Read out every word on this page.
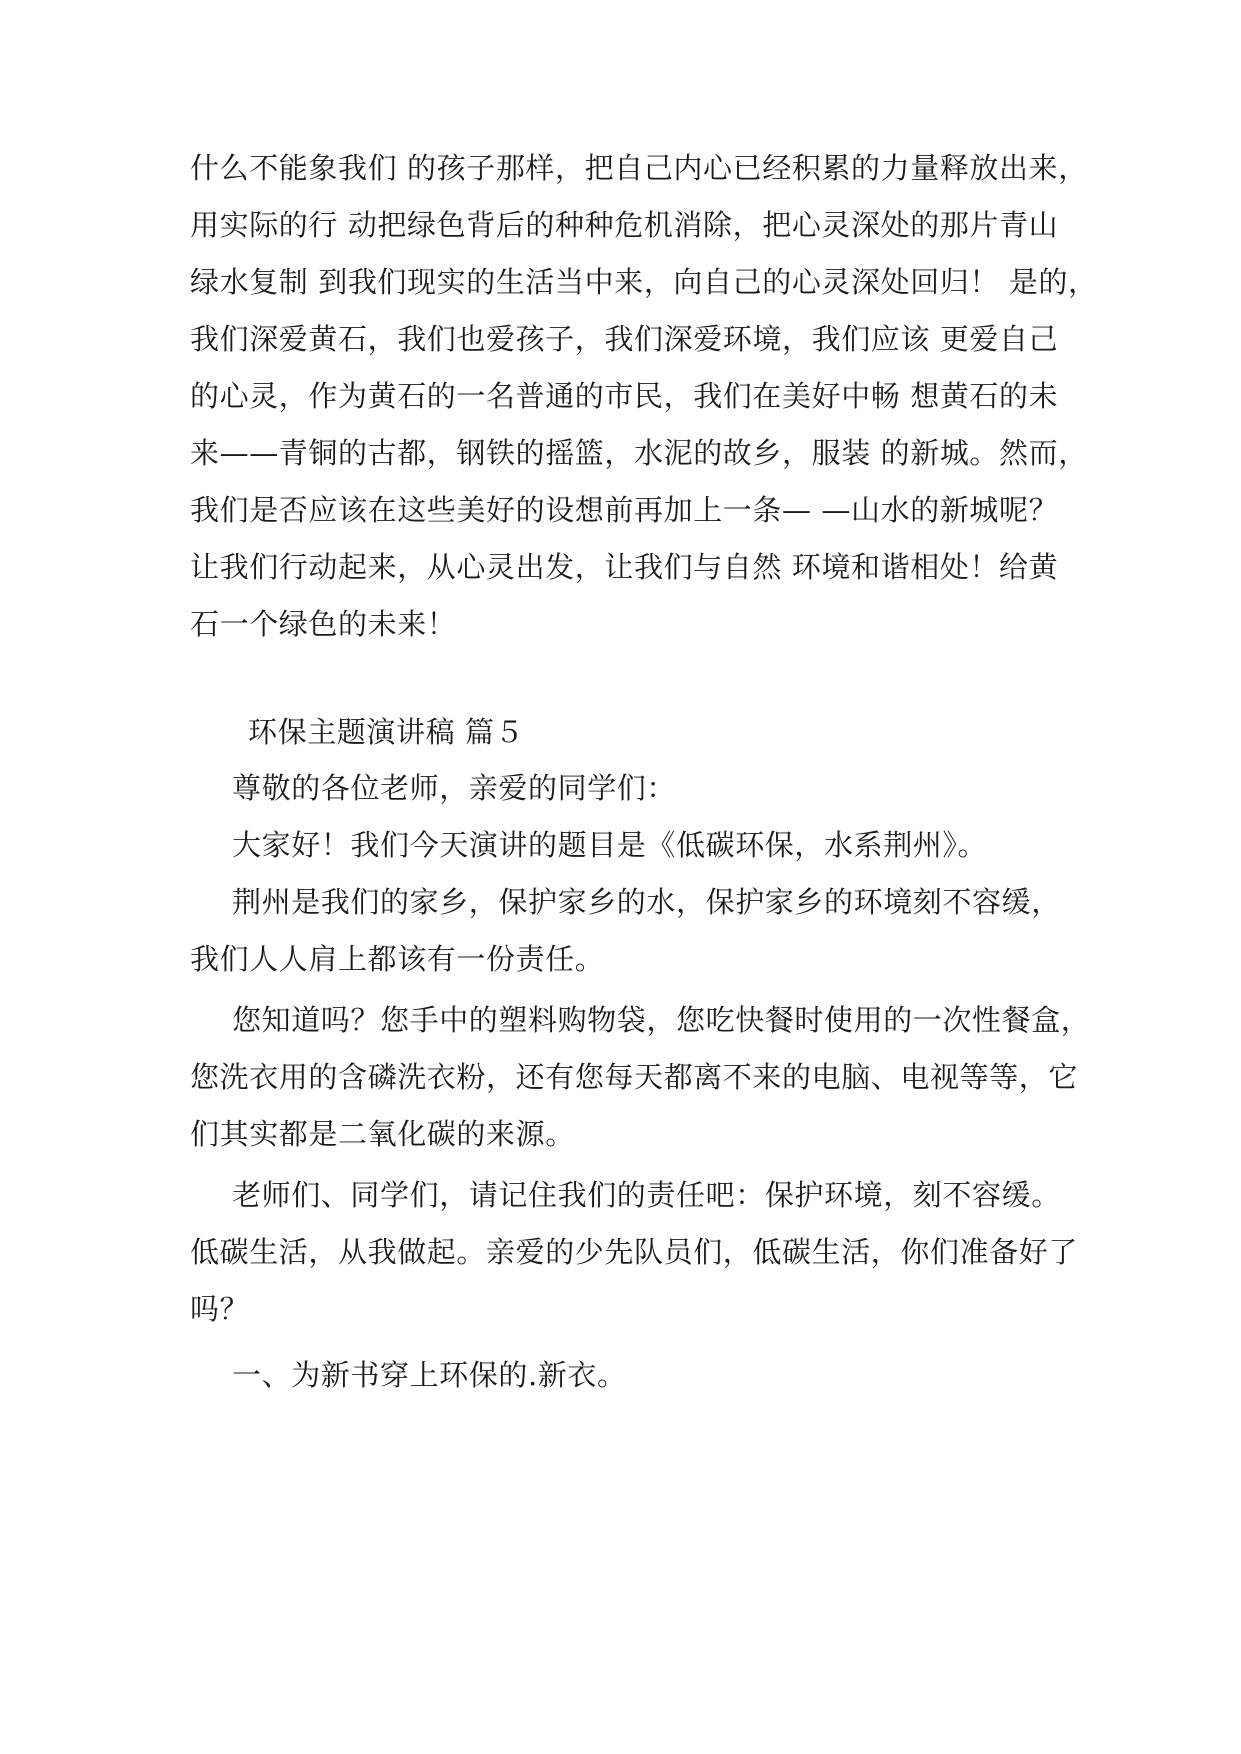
什么不能象我们 的孩子那样，把自己内心已经积累的力量释放出来，
用实际的行 动把绿色背后的种种危机消除，把心灵深处的那片青山
绿水复制 到我们现实的生活当中来，向自己的心灵深处回归！ 是的，
我们深爱黄石，我们也爱孩子，我们深爱环境，我们应该 更爱自己
的心灵，作为黄石的一名普通的市民，我们在美好中畅 想黄石的未
来——青铜的古都，钢铁的摇篮，水泥的故乡，服装 的新城。然而，
我们是否应该在这些美好的设想前再加上一条— —山水的新城呢？
让我们行动起来，从心灵出发，让我们与自然 环境和谐相处！给黄
石一个绿色的未来！
环保主题演讲稿 篇５
尊敬的各位老师，亲爱的同学们：
大家好！我们今天演讲的题目是《低碳环保，水系荆州》。
荆州是我们的家乡，保护家乡的水，保护家乡的环境刻不容缓，
我们人人肩上都该有一份责任。
您知道吗？您手中的塑料购物袋，您吃快餐时使用的一次性餐盒，
您洗衣用的含磷洗衣粉，还有您每天都离不来的电脑、电视等等，它
们其实都是二氧化碳的来源。
老师们、同学们，请记住我们的责任吧：保护环境，刻不容缓。
低碳生活，从我做起。亲爱的少先队员们，低碳生活，你们准备好了
吗？
一、为新书穿上环保的.新衣。
